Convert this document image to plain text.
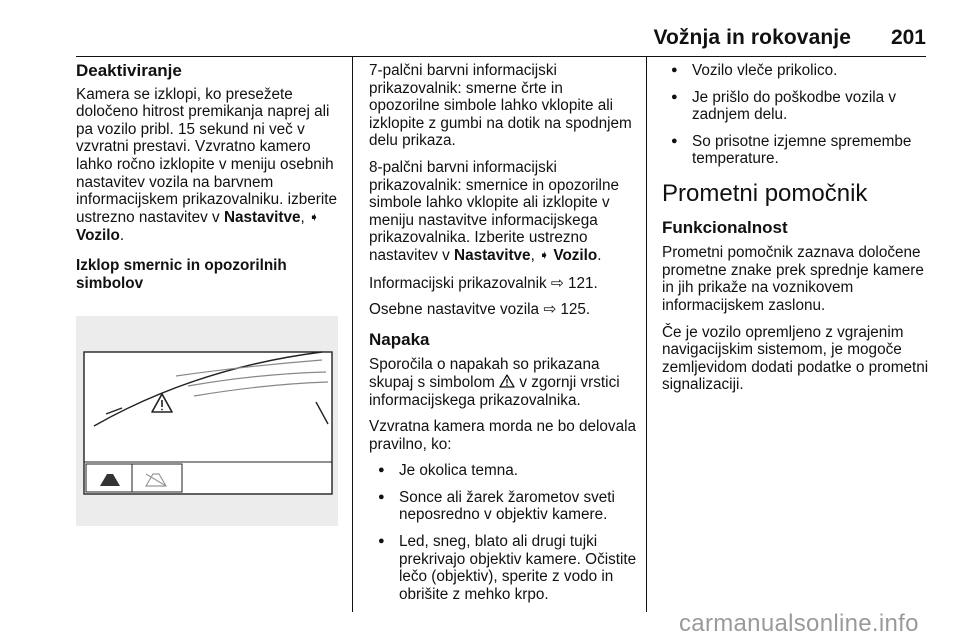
Vožnja in rokovanje 201
Deaktiviranje

Kamera se izklopi, ko presežete določeno hitrost premikanja naprej ali pa vozilo pribl. 15 sekund ni več v vzvratni prestavi. Vzvratno kamero lahko ročno izklopite v meniju osebnih nastavitev vozila na barvnem informacijskem prikazovalniku. izberite ustrezno nastavitev v Nastavitve, ➧ Vozilo.

Izklop smernic in opozorilnih simbolov

7-palčni barvni informacijski prikazovalnik: smerne črte in opozorilne simbole lahko vklopite ali izklopite z gumbi na dotik na spodnjem delu prikaza.

8-palčni barvni informacijski prikazovalnik: smernice in opozorilne simbole lahko vklopite ali izklopite v meniju nastavitve informacijskega prikazovalnika. Izberite ustrezno nastavitev v Nastavitve, ➧ Vozilo.

Informacijski prikazovalnik ⇨ 121.

Osebne nastavitve vozila ⇨ 125.

Napaka

Sporočila o napakah so prikazana skupaj s simbolom v zgornji vrstici informacijskega prikazovalnika.

Vzvratna kamera morda ne bo delovala pravilno, ko:

● Je okolica temna.
● Sonce ali žarek žarometov sveti neposredno v objektiv kamere.
● Led, sneg, blato ali drugi tujki prekrivajo objektiv kamere. Očistite lečo (objektiv), sperite z vodo in obrišite z mehko krpo.
● Vozilo vleče prikolico.
● Je prišlo do poškodbe vozila v zadnjem delu.
● So prisotne izjemne spremembe temperature.
Prometni pomočnik
Funkcionalnost

Prometni pomočnik zaznava določene prometne znake prek sprednje kamere in jih prikaže na voznikovem informacijskem zaslonu.

Če je vozilo opremljeno z vgrajenim navigacijskim sistemom, je mogoče zemljevidom dodati podatke o prometni signalizaciji.

carmanualsonline.info
